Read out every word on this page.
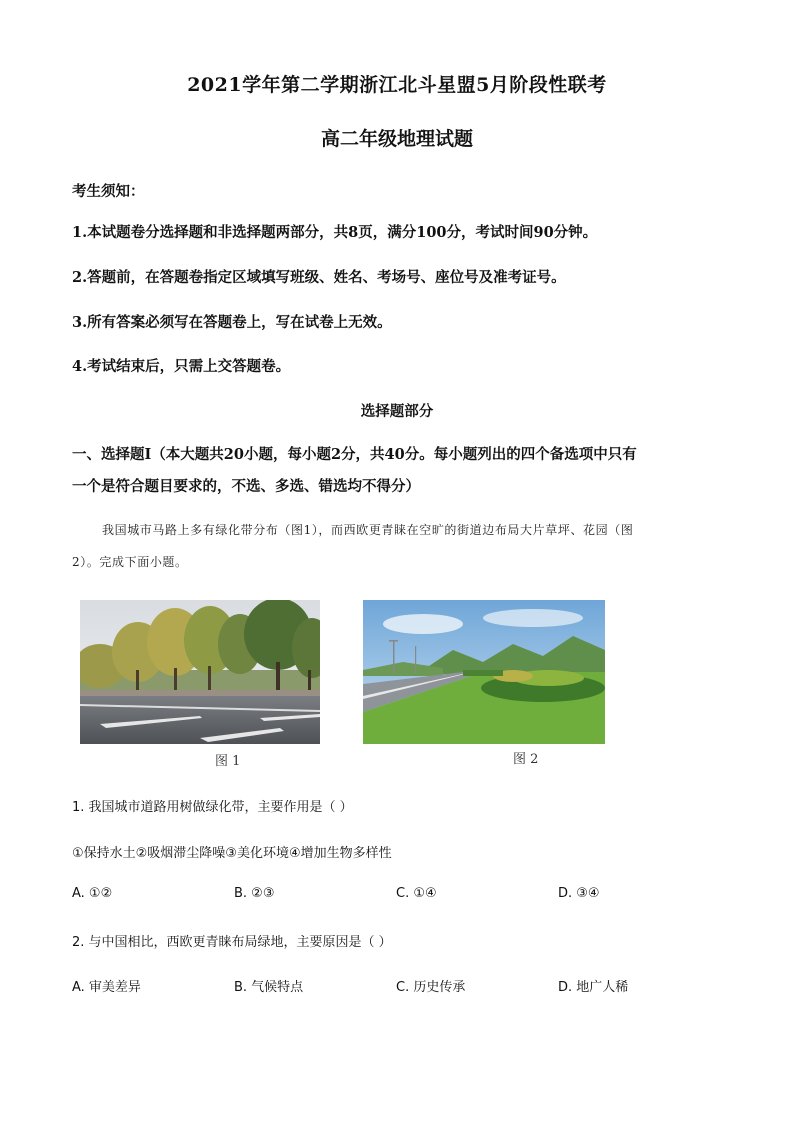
2021学年第二学期浙江北斗星盟5月阶段性联考
高二年级地理试题
考生须知：
1.本试题卷分选择题和非选择题两部分，共8页，满分100分，考试时间90分钟。
2.答题前，在答题卷指定区域填写班级、姓名、考场号、座位号及准考证号。
3.所有答案必须写在答题卷上，写在试卷上无效。
4.考试结束后，只需上交答题卷。
选择题部分
一、选择题Ⅰ（本大题共20小题，每小题2分，共40分。每小题列出的四个备选项中只有
一个是符合题目要求的，不选、多选、错选均不得分）
我国城市马路上多有绿化带分布（图1），而西欧更青睐在空旷的街道边布局大片草坪、花园（图
2）。完成下面小题。
图 1	图 2
1. 我国城市道路用树做绿化带，主要作用是（ ）
①保持水土②吸烟滞尘降噪③美化环境④增加生物多样性
A. ①②	B. ②③	C. ①④	D. ③④
2. 与中国相比，西欧更青睐布局绿地，主要原因是（ ）
A. 审美差异	B. 气候特点	C. 历史传承	D. 地广人稀
